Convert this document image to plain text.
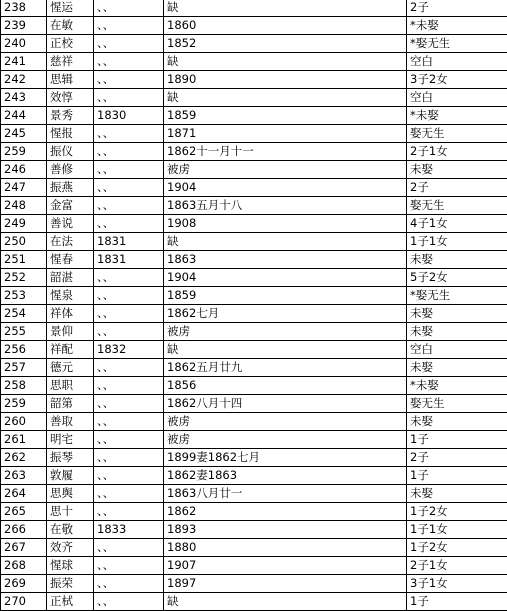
238	惺运	、、	缺	2子
239	在敏	、、	1860	*未娶
240	正校	、、	1852	*娶无生
241	慈祥	、、	缺	空白
242	思辑	、、	1890	3子2女
243	效惇	、、	缺	空白
244	景秀	1830	1859	*未娶
245	惺报	、、	1871	娶无生
259	振仪	、、	1862十一月十一	2子1女
246	善修	、、	被虏	未娶
247	振燕	、、	1904	2子
248	金富	、、	1863五月十八	娶无生
249	善说	、、	1908	4子1女
250	在法	1831	缺	1子1女
251	惺春	1831	1863	未娶
252	韶湛	、、	1904	5子2女
253	惺泉	、、	1859	*娶无生
254	祥体	、、	1862七月	未娶
255	景仰	、、	被虏	未娶
256	祥配	1832	缺	空白
257	德元	、、	1862五月廿九	未娶
258	思职	、、	1856	*未娶
259	韶第	、、	1862八月十四	娶无生
260	善取	、、	被虏	未娶
261	明宅	、、	被虏	1子
262	振琴	、、	1899妻1862七月	2子
263	敦履	、、	1862妻1863	1子
264	思舆	、、	1863八月廿一	未娶
265	思十	、、	1862	1子2女
266	在敬	1833	1893	1子1女
267	效齐	、、	1880	1子2女
268	惺球	、、	1907	2子1女
269	振荣	、、	1897	3子1女
270	正栻	、、	缺	1子
